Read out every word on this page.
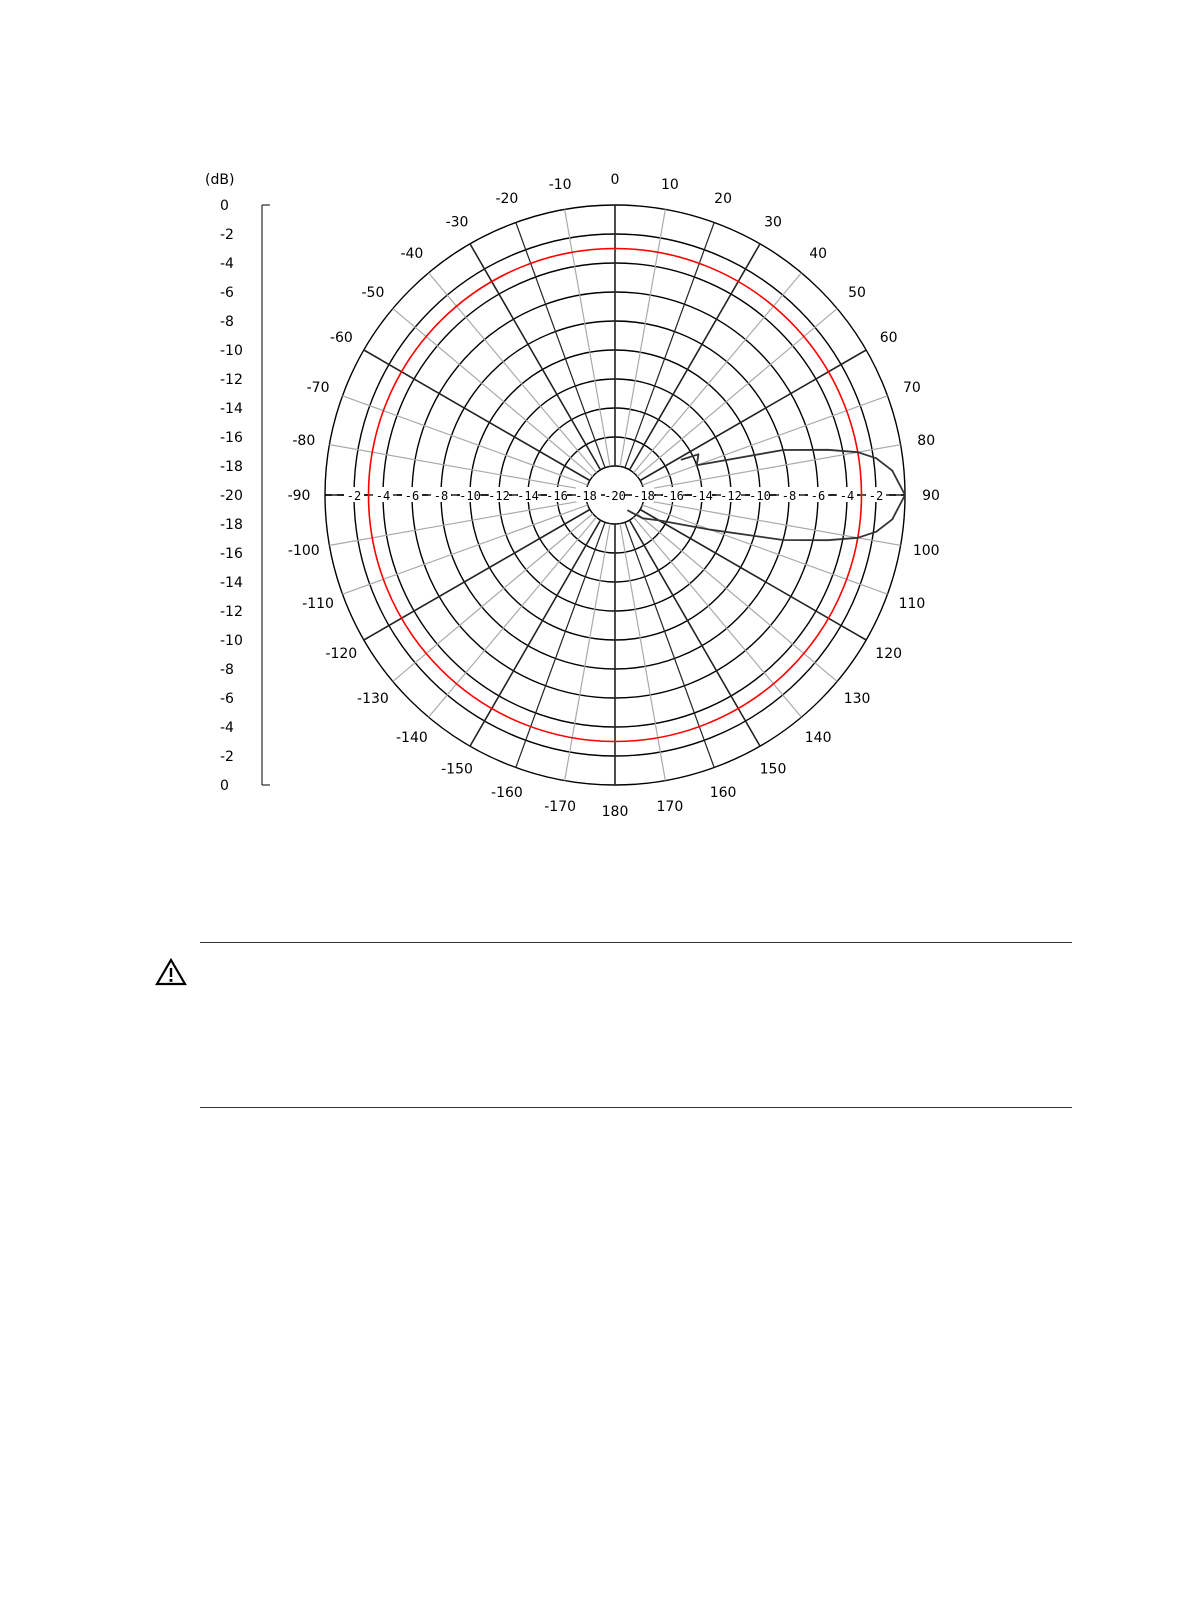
(dB)
0
-2
-4
-6
-8
-10
-12
-14
-16
-18
-20
-18
-16
-14
-12
-10
-8
-6
-4
-2
0
-2 -4 -6 -8 -10 -12 -14 -16 -18 -20 -18 -16 -14 -12 -10 -8 -6 -4 -2
0	10
20
30
40
50
60
70
80
90
100
110
120
130
140
150
160
170
180
-170
-160
-150
-140
-130
-120
-110
-100
-90
-80
-70
-60
-50
-40
-30
-20
-10
